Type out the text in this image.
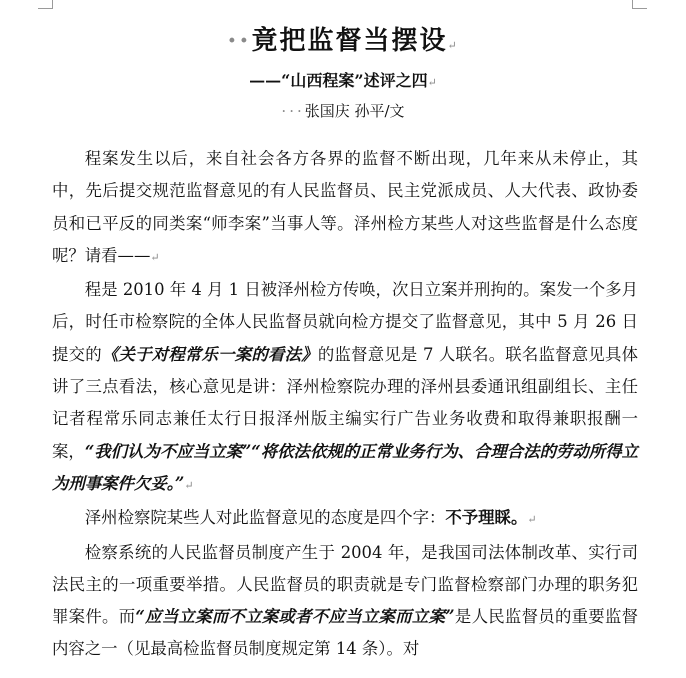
··竟把监督当摆设↵
——“山西程案”述评之四↵
···张国庆 孙平/文

程案发生以后，来自社会各方各界的监督不断出现，几年来从未停止，其中，先后提交规范监督意见的有人民监督员、民主党派成员、人大代表、政协委员和已平反的同类案“师李案”当事人等。泽州检方某些人对这些监督是什么态度呢？请看——↵

程是 2010 年 4 月 1 日被泽州检方传唤，次日立案并刑拘的。案发一个多月后，时任市检察院的全体人民监督员就向检方提交了监督意见，其中 5 月 26 日提交的《关于对程常乐一案的看法》的监督意见是 7 人联名。联名监督意见具体讲了三点看法，核心意见是讲：泽州检察院办理的泽州县委通讯组副组长、主任记者程常乐同志兼任太行日报泽州版主编实行广告业务收费和取得兼职报酬一案，“我们认为不应当立案”“将依法依规的正常业务行为、合理合法的劳动所得立为刑事案件欠妥。”↵

泽州检察院某些人对此监督意见的态度是四个字：不予理睬。↵

检察系统的人民监督员制度产生于 2004 年，是我国司法体制改革、实行司法民主的一项重要举措。人民监督员的职责就是专门监督检察部门办理的职务犯罪案件。而“应当立案而不立案或者不应当立案而立案”是人民监督员的重要监督内容之一（见最高检监督员制度规定第 14 条）。对
